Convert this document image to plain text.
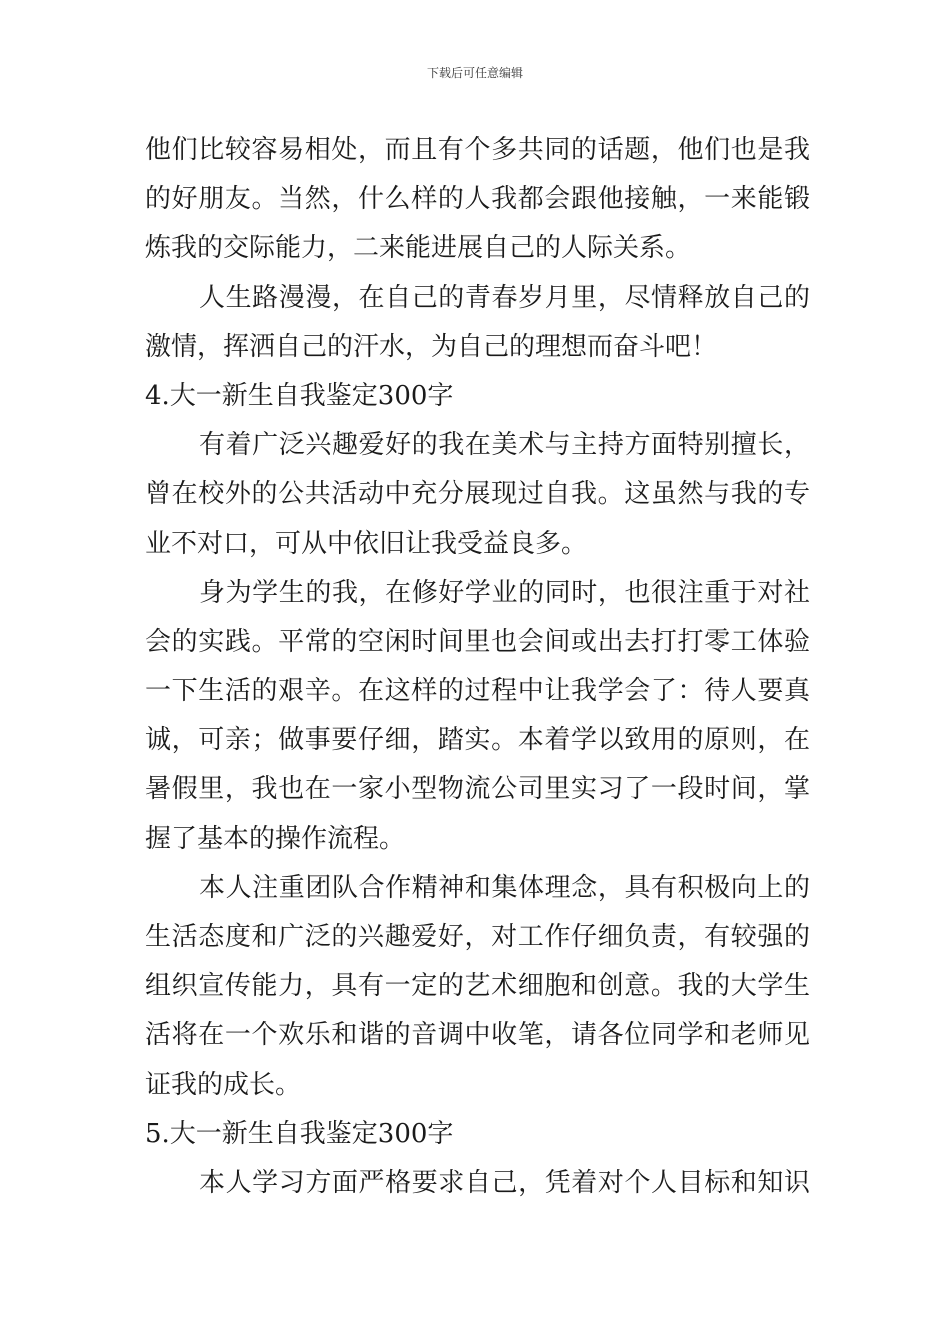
下载后可任意编辑
他们比较容易相处，而且有个多共同的话题，他们也是我
的好朋友。当然，什么样的人我都会跟他接触，一来能锻
炼我的交际能力，二来能进展自己的人际关系。
人生路漫漫，在自己的青春岁月里，尽情释放自己的
激情，挥洒自己的汗水，为自己的理想而奋斗吧！
4.大一新生自我鉴定300字
有着广泛兴趣爱好的我在美术与主持方面特别擅长，
曾在校外的公共活动中充分展现过自我。这虽然与我的专
业不对口，可从中依旧让我受益良多。
身为学生的我，在修好学业的同时，也很注重于对社
会的实践。平常的空闲时间里也会间或出去打打零工体验
一下生活的艰辛。在这样的过程中让我学会了：待人要真
诚，可亲；做事要仔细，踏实。本着学以致用的原则，在
暑假里，我也在一家小型物流公司里实习了一段时间，掌
握了基本的操作流程。
本人注重团队合作精神和集体理念，具有积极向上的
生活态度和广泛的兴趣爱好，对工作仔细负责，有较强的
组织宣传能力，具有一定的艺术细胞和创意。我的大学生
活将在一个欢乐和谐的音调中收笔，请各位同学和老师见
证我的成长。
5.大一新生自我鉴定300字
本人学习方面严格要求自己，凭着对个人目标和知识
